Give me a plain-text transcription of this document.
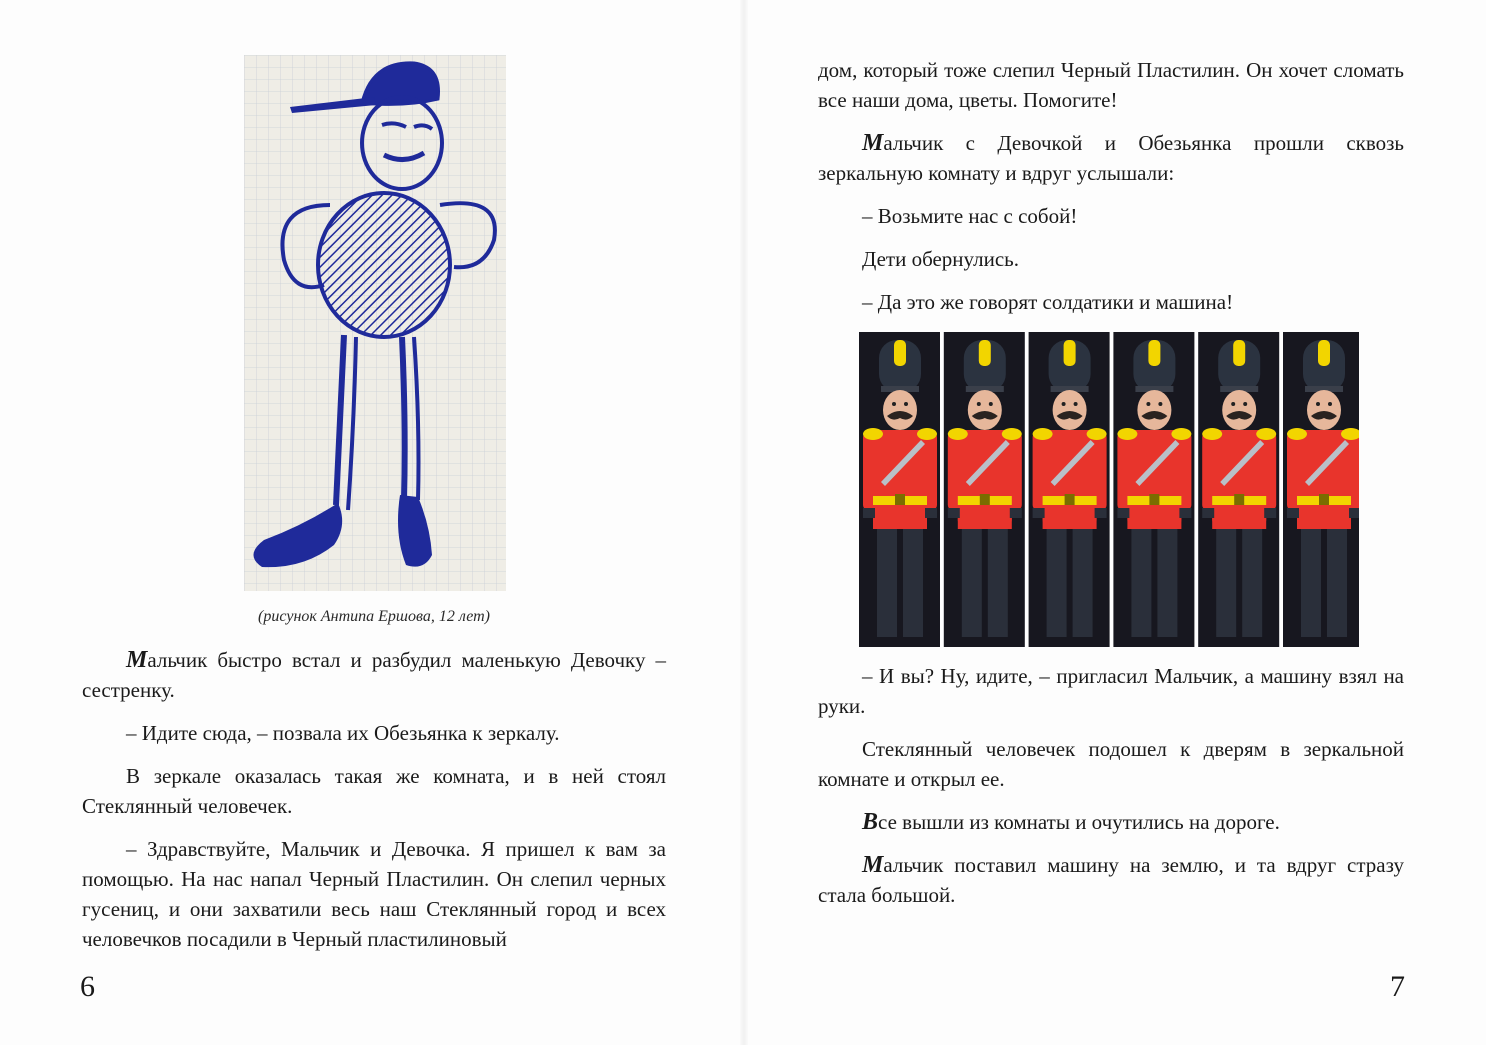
(рисунок Антипа Ершова, 12 лет)

Мальчик быстро встал и разбудил маленькую Девочку – сестренку.

– Идите сюда, – позвала их Обезьянка к зеркалу.

В зеркале оказалась такая же комната, и в ней стоял Стеклянный человечек.

– Здравствуйте, Мальчик и Девочка. Я пришел к вам за помощью. На нас напал Черный Пластилин. Он слепил черных гусениц, и они захватили весь наш Стеклянный город и всех человечков посадили в Черный пластилиновый

6

дом, который тоже слепил Черный Пластилин. Он хочет сломать все наши дома, цветы. Помогите!

Мальчик с Девочкой и Обезьянка прошли сквозь зеркальную комнату и вдруг услышали:

– Возьмите нас с собой!

Дети обернулись.

– Да это же говорят солдатики и машина!

– И вы? Ну, идите, – пригласил Мальчик, а машину взял на руки.

Стеклянный человечек подошел к дверям в зеркальной комнате и открыл ее.

Все вышли из комнаты и очутились на дороге.

Мальчик поставил машину на землю, и та вдруг стразу стала большой.

7
